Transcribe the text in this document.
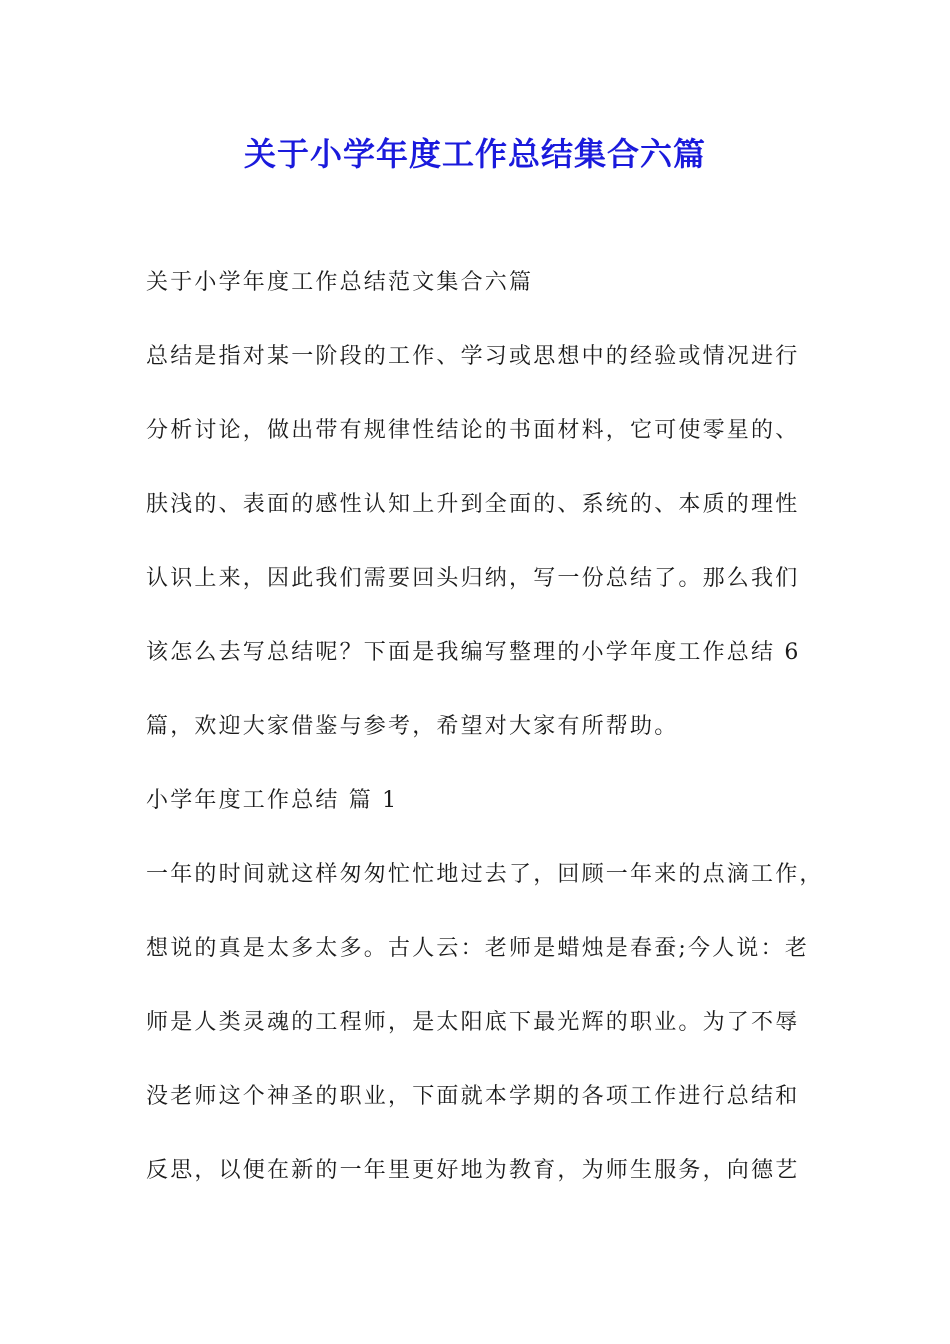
关于小学年度工作总结集合六篇
关于小学年度工作总结范文集合六篇
总结是指对某一阶段的工作、学习或思想中的经验或情况进行
分析讨论，做出带有规律性结论的书面材料，它可使零星的、
肤浅的、表面的感性认知上升到全面的、系统的、本质的理性
认识上来，因此我们需要回头归纳，写一份总结了。那么我们
该怎么去写总结呢？下面是我编写整理的小学年度工作总结 6
篇，欢迎大家借鉴与参考，希望对大家有所帮助。
小学年度工作总结 篇 1
一年的时间就这样匆匆忙忙地过去了，回顾一年来的点滴工作，
想说的真是太多太多。古人云：老师是蜡烛是春蚕;今人说：老
师是人类灵魂的工程师，是太阳底下最光辉的职业。为了不辱
没老师这个神圣的职业，下面就本学期的各项工作进行总结和
反思，以便在新的一年里更好地为教育，为师生服务，向德艺
